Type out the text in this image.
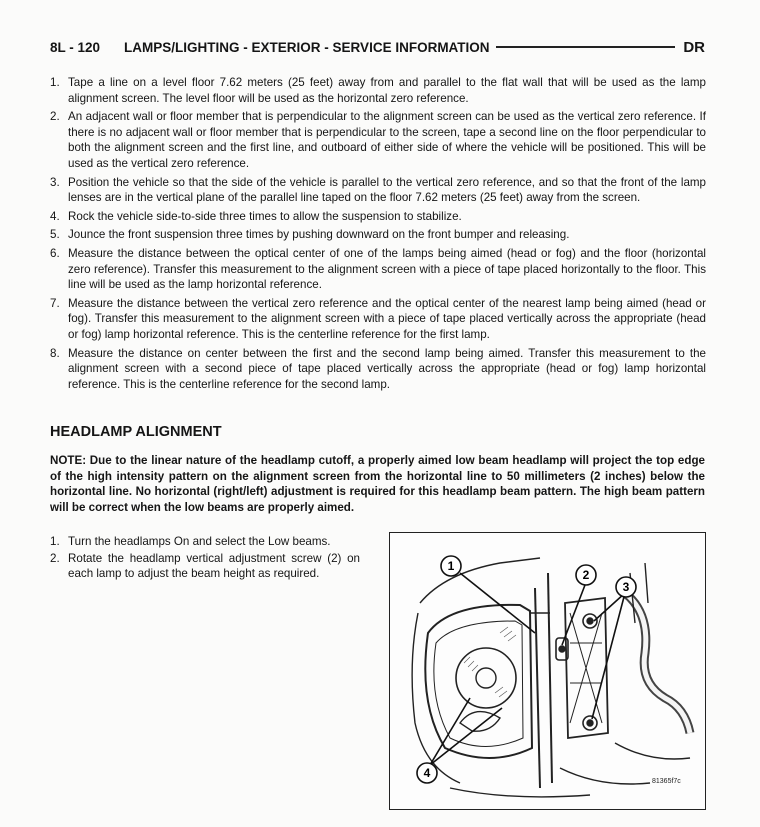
8L - 120 LAMPS/LIGHTING - EXTERIOR - SERVICE INFORMATION	DR
1. Tape a line on a level floor 7.62 meters (25 feet) away from and parallel to the flat wall that will be used as the lamp alignment screen. The level floor will be used as the horizontal zero reference.
2. An adjacent wall or floor member that is perpendicular to the alignment screen can be used as the vertical zero reference. If there is no adjacent wall or floor member that is perpendicular to the screen, tape a second line on the floor perpendicular to both the alignment screen and the first line, and outboard of either side of where the vehicle will be positioned. This will be used as the vertical zero reference.
3. Position the vehicle so that the side of the vehicle is parallel to the vertical zero reference, and so that the front of the lamp lenses are in the vertical plane of the parallel line taped on the floor 7.62 meters (25 feet) away from the screen.
4. Rock the vehicle side-to-side three times to allow the suspension to stabilize.
5. Jounce the front suspension three times by pushing downward on the front bumper and releasing.
6. Measure the distance between the optical center of one of the lamps being aimed (head or fog) and the floor (horizontal zero reference). Transfer this measurement to the alignment screen with a piece of tape placed horizontally to the floor. This line will be used as the lamp horizontal reference.
7. Measure the distance between the vertical zero reference and the optical center of the nearest lamp being aimed (head or fog). Transfer this measurement to the alignment screen with a piece of tape placed vertically across the appropriate (head or fog) lamp horizontal reference. This is the centerline reference for the first lamp.
8. Measure the distance on center between the first and the second lamp being aimed. Transfer this measurement to the alignment screen with a second piece of tape placed vertically across the appropriate (head or fog) lamp horizontal reference. This is the centerline reference for the second lamp.
HEADLAMP ALIGNMENT
NOTE: Due to the linear nature of the headlamp cutoff, a properly aimed low beam headlamp will project the top edge of the high intensity pattern on the alignment screen from the horizontal line to 50 millimeters (2 inches) below the horizontal line. No horizontal (right/left) adjustment is required for this headlamp beam pattern. The high beam pattern will be correct when the low beams are properly aimed.
1. Turn the headlamps On and select the Low beams.
2. Rotate the headlamp vertical adjustment screw (2) on each lamp to adjust the beam height as required.
1
2
3
4
81365f7c
